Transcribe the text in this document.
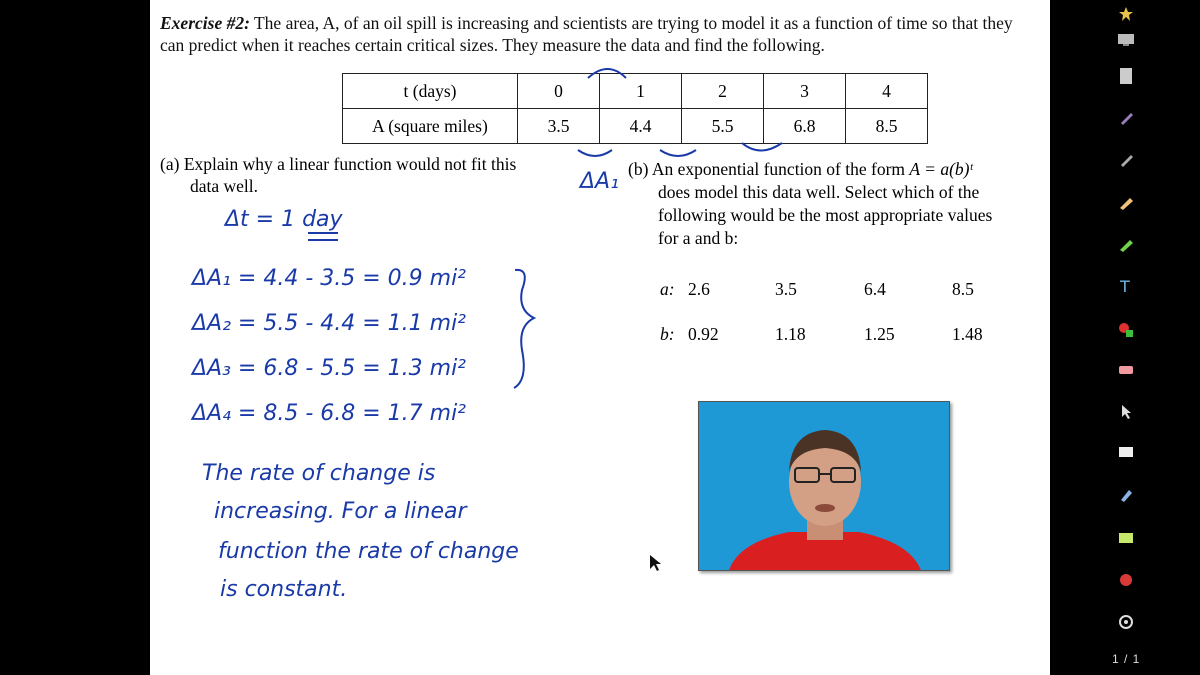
Exercise #2: The area, A, of an oil spill is increasing and scientists are trying to model it as a function of time so that they can predict when it reaches certain critical sizes. They measure the data and find the following.
t (days)	0	1	2	3	4
A (square miles)	3.5	4.4	5.5	6.8	8.5
(a) Explain why a linear function would not fit this
data well.
(b) An exponential function of the form A = a(b)ᵗ
does model this data well. Select which of the
following would be the most appropriate values
for a and b:
a: 2.6	3.5	6.4	8.5
b: 0.92	1.18	1.25	1.48
ΔA₁
Δt = 1 day
ΔA₁ = 4.4 - 3.5 = 0.9 mi²
ΔA₂ = 5.5 - 4.4 = 1.1 mi²
ΔA₃ = 6.8 - 5.5 = 1.3 mi²
ΔA₄ = 8.5 - 6.8 = 1.7 mi²
The rate of change is
increasing. For a linear
function the rate of change
is constant.
T
1 / 1
